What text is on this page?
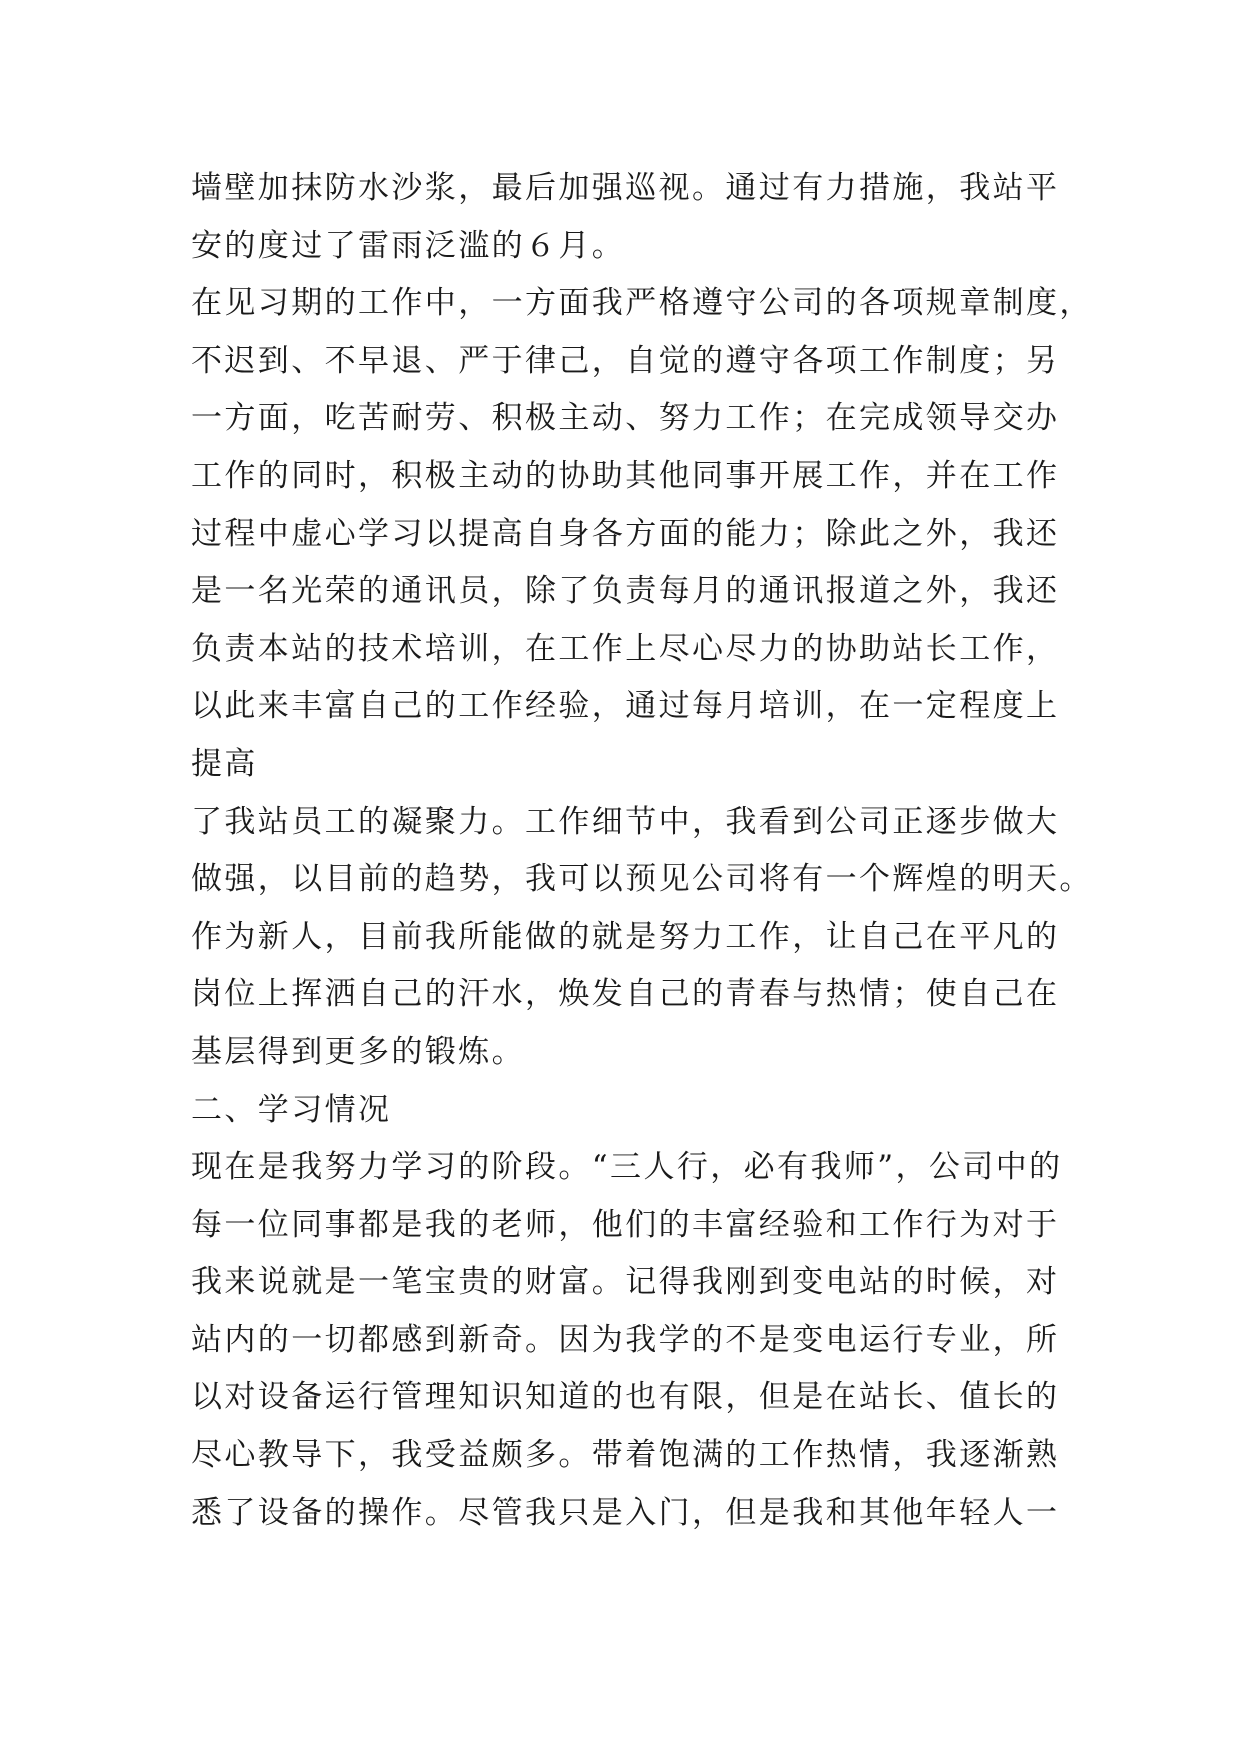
墙壁加抹防水沙浆，最后加强巡视。通过有力措施，我站平
安的度过了雷雨泛滥的６月。
在见习期的工作中，一方面我严格遵守公司的各项规章制度，
不迟到、不早退、严于律己，自觉的遵守各项工作制度；另
一方面，吃苦耐劳、积极主动、努力工作；在完成领导交办
工作的同时，积极主动的协助其他同事开展工作，并在工作
过程中虚心学习以提高自身各方面的能力；除此之外，我还
是一名光荣的通讯员，除了负责每月的通讯报道之外，我还
负责本站的技术培训，在工作上尽心尽力的协助站长工作，
以此来丰富自己的工作经验，通过每月培训，在一定程度上
提高
了我站员工的凝聚力。工作细节中，我看到公司正逐步做大
做强，以目前的趋势，我可以预见公司将有一个辉煌的明天。
作为新人，目前我所能做的就是努力工作，让自己在平凡的
岗位上挥洒自己的汗水，焕发自己的青春与热情；使自己在
基层得到更多的锻炼。
二、学习情况
现在是我努力学习的阶段。“三人行，必有我师”，公司中的
每一位同事都是我的老师，他们的丰富经验和工作行为对于
我来说就是一笔宝贵的财富。记得我刚到变电站的时候，对
站内的一切都感到新奇。因为我学的不是变电运行专业，所
以对设备运行管理知识知道的也有限，但是在站长、值长的
尽心教导下，我受益颇多。带着饱满的工作热情，我逐渐熟
悉了设备的操作。尽管我只是入门，但是我和其他年轻人一
